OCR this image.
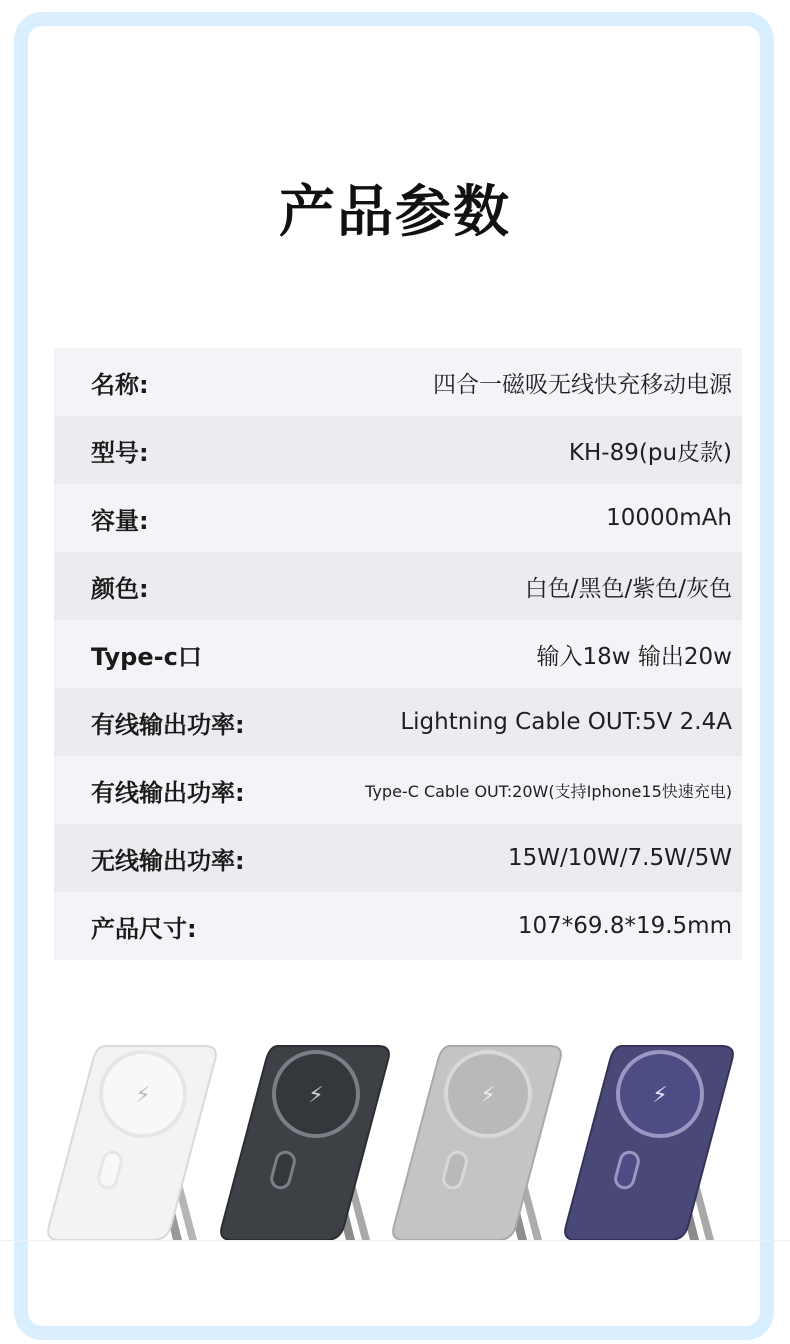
产品参数
名称:	四合一磁吸无线快充移动电源
型号:	KH-89(pu皮款)
容量:	10000mAh
颜色:	白色/黑色/紫色/灰色
Type-c口	输入18w 输出20w
有线输出功率:	Lightning Cable OUT:5V 2.4A
有线输出功率:	Type-C Cable OUT:20W(支持Iphone15快速充电)
无线输出功率:	15W/10W/7.5W/5W
产品尺寸:	107*69.8*19.5mm
⚡	⚡	⚡	⚡
